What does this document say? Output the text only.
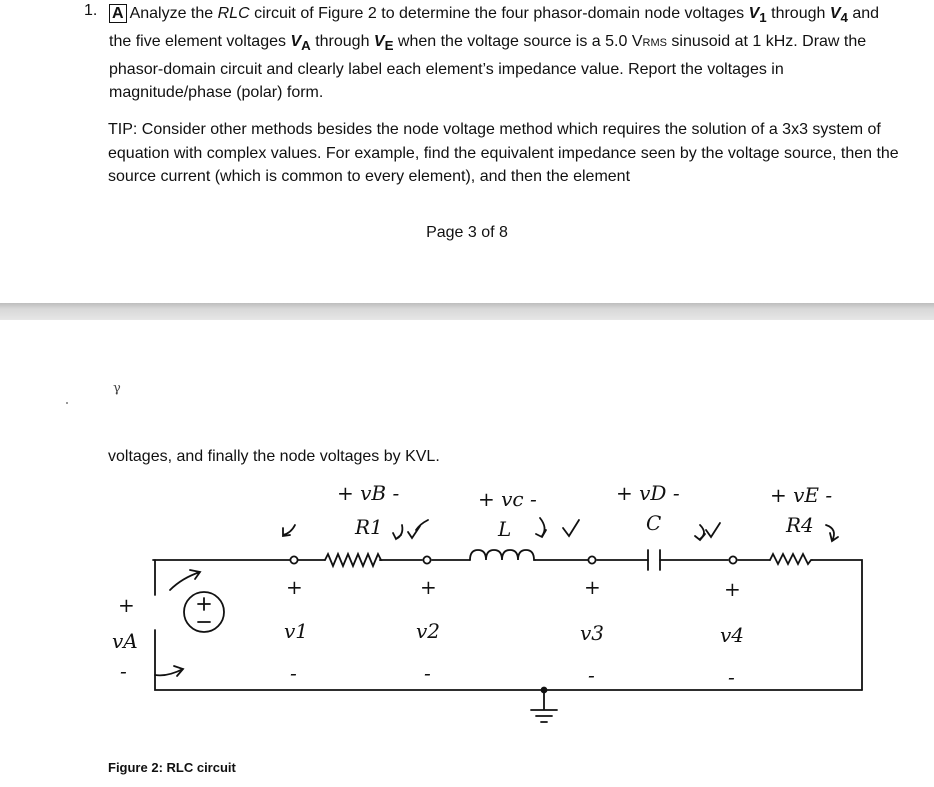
1. A Analyze the RLC circuit of Figure 2 to determine the four phasor-domain node voltages $V_1$ through $V_4$ and the five element voltages $V_A$ through $V_E$ when the voltage source is a 5.0 VRMS sinusoid at 1 kHz. Draw the phasor-domain circuit and clearly label each element’s impedance value. Report the voltages in magnitude/phase (polar) form.
TIP: Consider other methods besides the node voltage method which requires the solution of a 3x3 system of equation with complex values. For example, find the equivalent impedance seen by the voltage source, then the source current (which is common to every element), and then the element
Page 3 of 8
γ
voltages, and finally the node voltages by KVL.
+ vB -
R1
+ vc -
L
+ vD -
C
+ vE -
R4
+
vA
-
+
v1
-
+
v2
-
+
v3
-
+
v4
-
Figure 2: RLC circuit
